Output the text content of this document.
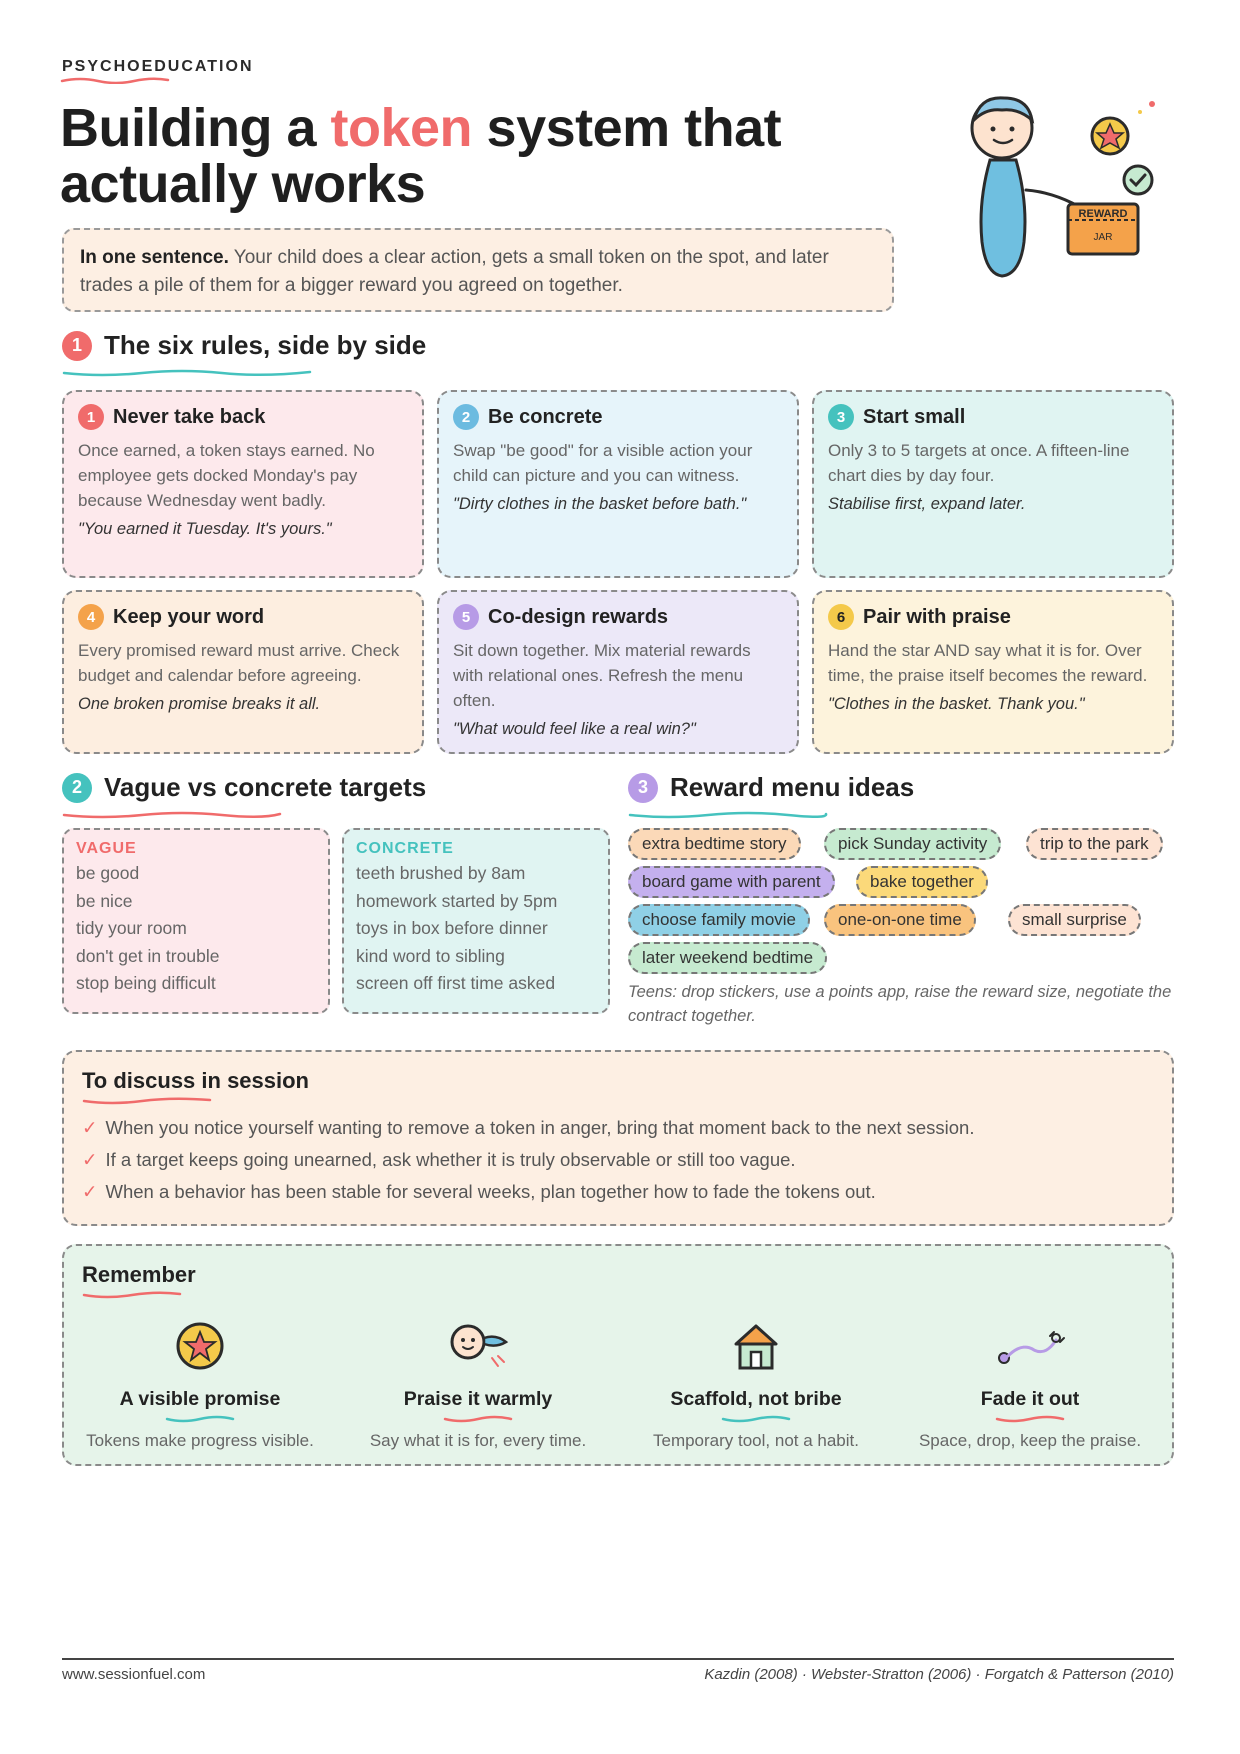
PSYCHOEDUCATION
Building a token system that actually works	REWARD
JAR
In one sentence. Your child does a clear action, gets a small token on the spot, and later trades a pile of them for a bigger reward you agreed on together.
1 The six rules, side by side
1 Never take back
Once earned, a token stays earned. No employee gets docked Monday's pay because Wednesday went badly.
"You earned it Tuesday. It's yours."
2 Be concrete
Swap "be good" for a visible action your child can picture and you can witness.
"Dirty clothes in the basket before bath."
3 Start small
Only 3 to 5 targets at once. A fifteen-line chart dies by day four.
Stabilise first, expand later.
4 Keep your word
Every promised reward must arrive. Check budget and calendar before agreeing.
One broken promise breaks it all.
5 Co-design rewards
Sit down together. Mix material rewards with relational ones. Refresh the menu often.
"What would feel like a real win?"
6 Pair with praise
Hand the star AND say what it is for. Over time, the praise itself becomes the reward.
"Clothes in the basket. Thank you."
2 Vague vs concrete targets
VAGUE
be good
be nice
tidy your room
don't get in trouble
stop being difficult
CONCRETE
teeth brushed by 8am
homework started by 5pm
toys in box before dinner
kind word to sibling
screen off first time asked
3 Reward menu ideas
extra bedtime story	pick Sunday activity	trip to the park
board game with parent	bake together
choose family movie	one-on-one time	small surprise
later weekend bedtime
Teens: drop stickers, use a points app, raise the reward size, negotiate the contract together.
To discuss in session
✓ When you notice yourself wanting to remove a token in anger, bring that moment back to the next session.
✓ If a target keeps going unearned, ask whether it is truly observable or still too vague.
✓ When a behavior has been stable for several weeks, plan together how to fade the tokens out.
Remember
A visible promise
Tokens make progress visible.
Praise it warmly
Say what it is for, every time.
Scaffold, not bribe
Temporary tool, not a habit.
Fade it out
Space, drop, keep the praise.
www.sessionfuel.com	Kazdin (2008) · Webster-Stratton (2006) · Forgatch & Patterson (2010)
